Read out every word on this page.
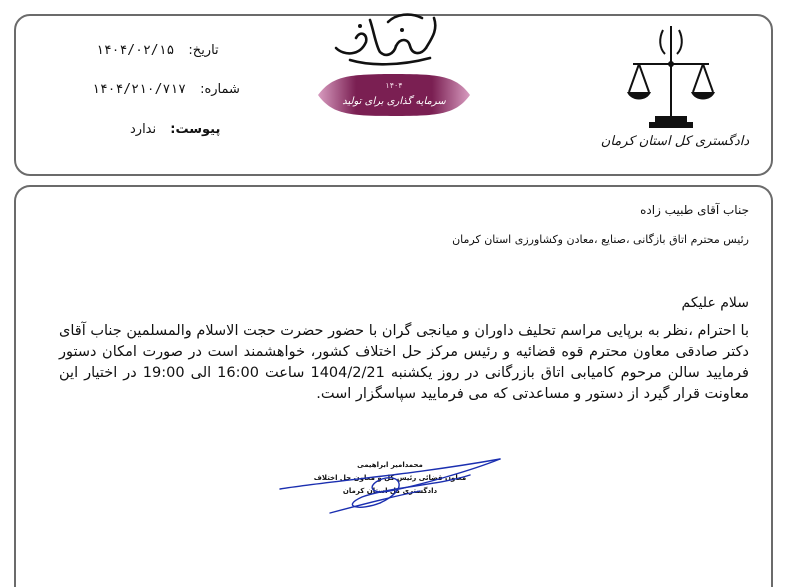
تاریخ: ۱۴۰۴/۰۲/۱۵
شماره: ۱۴۰۴/۲۱۰/۷۱۷
پیوست: ندارد
۱۴۰۴
سرمایه گذاری برای تولید
دادگستری کل استان کرمان
جناب آقای طبیب زاده
رئیس محترم اتاق بازگانی ،صنایع ،معادن وکشاورزی استان کرمان
سلام علیکم
با احترام ،نظر به برپایی مراسم تحلیف داوران و میانجی گران با حضور حضرت حجت الاسلام والمسلمین جناب آقای دکتر صادقی معاون محترم قوه قضائیه و رئیس مرکز حل اختلاف کشور، خواهشمند است در صورت امکان دستور فرمایید سالن مرحوم کامیابی اتاق بازرگانی در روز یکشنبه 1404/2/21 ساعت 16:00 الی 19:00 در اختیار این معاونت قرار گیرد از دستور و مساعدتی که می فرمایید سپاسگزار است.
محمدامیر ابراهیمی
معاون قضائی رئیس کل و معاون حل اختلاف
دادگستری کل استان کرمان
